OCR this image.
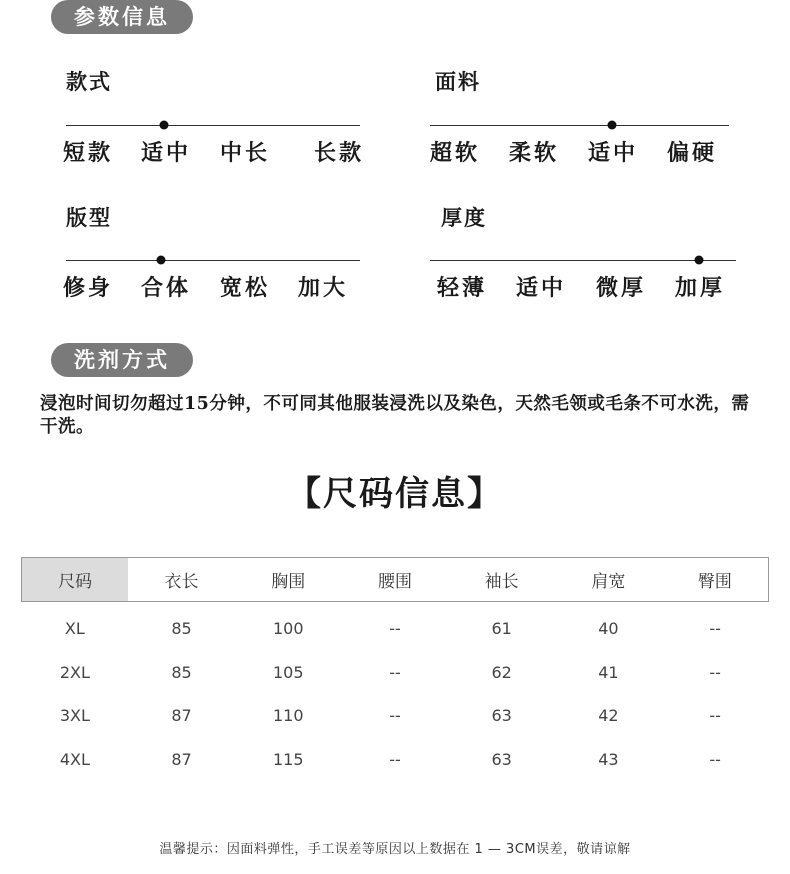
参数信息
款式
短款 适中 中长 长款
面料
超软 柔软 适中 偏硬
版型
修身 合体 宽松 加大
厚度
轻薄 适中 微厚 加厚
洗剂方式
浸泡时间切勿超过15分钟，不可同其他服装浸洗以及染色，天然毛领或毛条不可水洗，需干洗。
【尺码信息】
尺码	衣长	胸围	腰围	袖长	肩宽	臀围
XL	85	100	--	61	40	--
2XL	85	105	--	62	41	--
3XL	87	110	--	63	42	--
4XL	87	115	--	63	43	--
温馨提示：因面料弹性，手工误差等原因以上数据在 1 — 3CM误差，敬请谅解
